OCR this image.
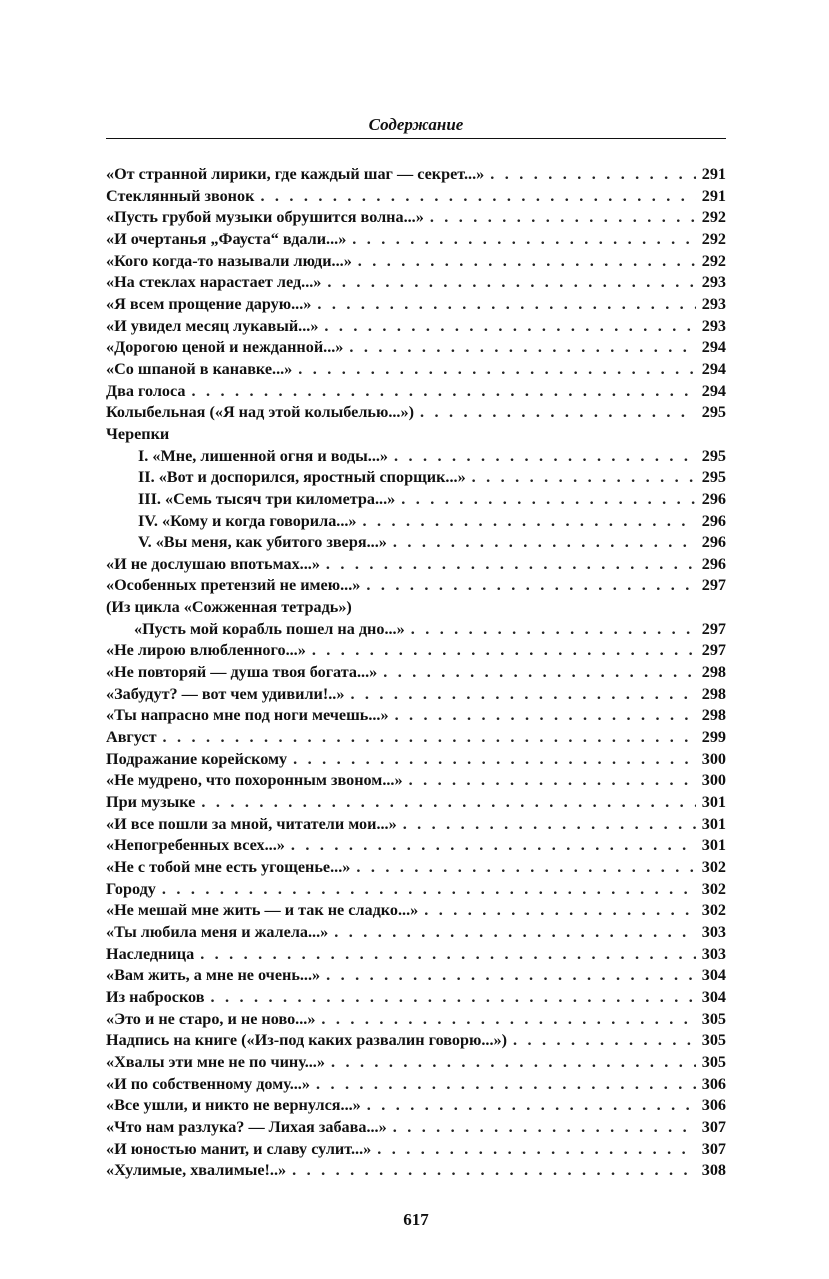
Содержание
«От странной лирики, где каждый шаг — секрет...» . . .	291
Стеклянный звонок . . .	291
«Пусть грубой музыки обрушится волна...» . . .	292
«И очертанья „Фауста“ вдали...» . . .	292
«Кого когда-то называли люди...» . . .	292
«На стеклах нарастает лед...» . . .	293
«Я всем прощение дарую...» . . .	293
«И увидел месяц лукавый...» . . .	293
«Дорогою ценой и нежданной...» . . .	294
«Со шпаной в канавке...» . . .	294
Два голоса . . .	294
Колыбельная («Я над этой колыбелью...») . . .	295
Черепки
I. «Мне, лишенной огня и воды...» . . .	295
II. «Вот и доспорился, яростный спорщик...» . . .	295
III. «Семь тысяч три километра...» . . .	296
IV. «Кому и когда говорила...» . . .	296
V. «Вы меня, как убитого зверя...» . . .	296
«И не дослушаю впотьмах...» . . .	296
«Особенных претензий не имею...» . . .	297
(Из цикла «Сожженная тетрадь»)
«Пусть мой корабль пошел на дно...» . . .	297
«Не лирою влюбленного...» . . .	297
«Не повторяй — душа твоя богата...» . . .	298
«Забудут? — вот чем удивили!..» . . .	298
«Ты напрасно мне под ноги мечешь...» . . .	298
Август . . .	299
Подражание корейскому . . .	300
«Не мудрено, что похоронным звоном...» . . .	300
При музыке . . .	301
«И все пошли за мной, читатели мои...» . . .	301
«Непогребенных всех...» . . .	301
«Не с тобой мне есть угощенье...» . . .	302
Городу . . .	302
«Не мешай мне жить — и так не сладко...» . . .	302
«Ты любила меня и жалела...» . . .	303
Наследница . . .	303
«Вам жить, а мне не очень...» . . .	304
Из набросков . . .	304
«Это и не старо, и не ново...» . . .	305
Надпись на книге («Из-под каких развалин говорю...») . . .	305
«Хвалы эти мне не по чину...» . . .	305
«И по собственному дому...» . . .	306
«Все ушли, и никто не вернулся...» . . .	306
«Что нам разлука? — Лихая забава...» . . .	307
«И юностью манит, и славу сулит...» . . .	307
«Хулимые, хвалимые!..» . . .	308
617
